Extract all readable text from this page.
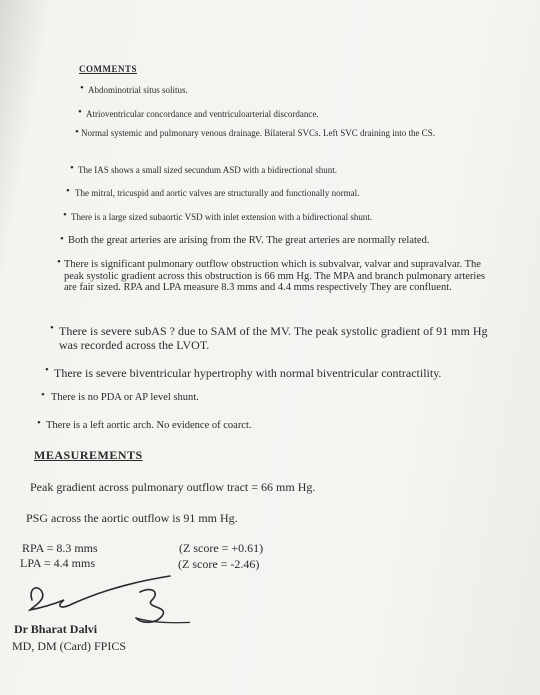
COMMENTS
• Abdominotrial situs solitus.
• Atrioventricular concordance and ventriculoarterial discordance.
• Normal systemic and pulmonary venous drainage. Bilateral SVCs. Left SVC draining into the CS.
• The IAS shows a small sized secundum ASD with a bidirectional shunt.
• The mitral, tricuspid and aortic valves are structurally and functionally normal.
• There is a large sized subaortic VSD with inlet extension with a bidirectional shunt.
• Both the great arteries are arising from the RV. The great arteries are normally related.
• There is significant pulmonary outflow obstruction which is subvalvar, valvar and supravalvar. The peak systolic gradient across this obstruction is 66 mm Hg. The MPA and branch pulmonary arteries are fair sized. RPA and LPA measure 8.3 mms and 4.4 mms respectively They are confluent.
• There is severe subAS ? due to SAM of the MV. The peak systolic gradient of 91 mm Hg was recorded across the LVOT.
• There is severe biventricular hypertrophy with normal biventricular contractility.
• There is no PDA or AP level shunt.
• There is a left aortic arch. No evidence of coarct.
MEASUREMENTS
Peak gradient across pulmonary outflow tract = 66 mm Hg.
PSG across the aortic outflow is 91 mm Hg.
RPA = 8.3 mms	(Z score = +0.61)
LPA = 4.4 mms	(Z score = -2.46)
Dr Bharat Dalvi
MD, DM (Card) FPICS
